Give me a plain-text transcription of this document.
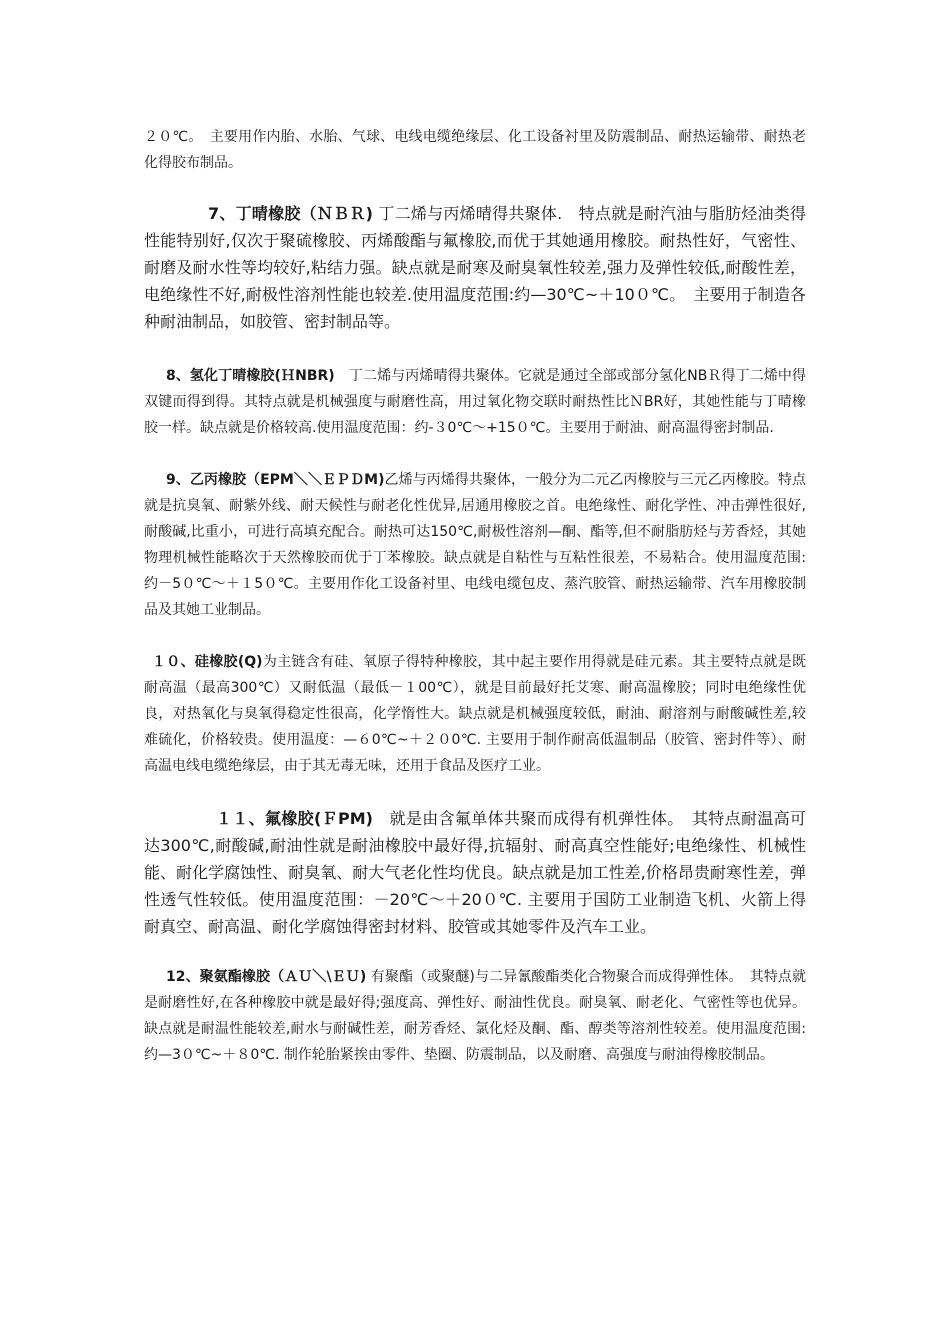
２０℃。　主要用作内胎、水胎、气球、电线电缆绝缘层、化工设备衬里及防震制品、耐热运输带、耐热老化得胶布制品。

7、丁晴橡胶（ＮＢＲ) 丁二烯与丙烯晴得共聚体.　特点就是耐汽油与脂肪烃油类得性能特别好,仅次于聚硫橡胶、丙烯酸酯与氟橡胶,而优于其她通用橡胶。耐热性好，气密性、耐磨及耐水性等均较好,粘结力强。缺点就是耐寒及耐臭氧性较差,强力及弹性较低,耐酸性差，电绝缘性不好,耐极性溶剂性能也较差.使用温度范围:约—30℃~＋10０℃。　主要用于制造各种耐油制品，如胶管、密封制品等。

8、氢化丁晴橡胶(ＨNBR)　丁二烯与丙烯晴得共聚体。它就是通过全部或部分氢化NBＲ得丁二烯中得双键而得到得。其特点就是机械强度与耐磨性高，用过氧化物交联时耐热性比ＮBR好，其她性能与丁晴橡胶一样。缺点就是价格较高.使用温度范围：约-３0℃～+15０℃。主要用于耐油、耐高温得密封制品.

9、乙丙橡胶（EPM＼＼ＥＰＤM)乙烯与丙烯得共聚体，一般分为二元乙丙橡胶与三元乙丙橡胶。特点就是抗臭氧、耐紫外线、耐天候性与耐老化性优异,居通用橡胶之首。电绝缘性、耐化学性、冲击弹性很好,耐酸碱,比重小，可进行高填充配合。耐热可达150℃,耐极性溶剂—酮、酯等,但不耐脂肪烃与芳香烃，其她物理机械性能略次于天然橡胶而优于丁苯橡胶。缺点就是自粘性与互粘性很差，不易粘合。使用温度范围:约－5０℃～＋１5０℃。主要用作化工设备衬里、电线电缆包皮、蒸汽胶管、耐热运输带、汽车用橡胶制品及其她工业制品。

１０、硅橡胶(Q)为主链含有硅、氧原子得特种橡胶，其中起主要作用得就是硅元素。其主要特点就是既耐高温（最高300℃）又耐低温（最低－１00℃），就是目前最好托艾寒、耐高温橡胶；同时电绝缘性优良，对热氧化与臭氧得稳定性很高，化学惰性大。缺点就是机械强度较低，耐油、耐溶剂与耐酸碱性差,较难硫化，价格较贵。使用温度：—６0℃~＋２０0℃. 主要用于制作耐高低温制品（胶管、密封件等）、耐高温电线电缆绝缘层，由于其无毒无味，还用于食品及医疗工业。

１１、氟橡胶(ＦPM)　就是由含氟单体共聚而成得有机弹性体。　其特点耐温高可达300℃,耐酸碱,耐油性就是耐油橡胶中最好得,抗辐射、耐高真空性能好;电绝缘性、机械性能、耐化学腐蚀性、耐臭氧、耐大气老化性均优良。缺点就是加工性差,价格昂贵耐寒性差，弹性透气性较低。使用温度范围：－20℃～＋20０℃. 主要用于国防工业制造飞机、火箭上得耐真空、耐高温、耐化学腐蚀得密封材料、胶管或其她零件及汽车工业。

12、聚氨酯橡胶（ＡＵ＼\ＥＵ) 有聚酯（或聚醚)与二异氰酸酯类化合物聚合而成得弹性体。　其特点就是耐磨性好,在各种橡胶中就是最好得;强度高、弹性好、耐油性优良。耐臭氧、耐老化、气密性等也优异。缺点就是耐温性能较差,耐水与耐碱性差，耐芳香烃、氯化烃及酮、酯、醇类等溶剂性较差。使用温度范围:约—3０℃~＋８0℃. 制作轮胎紧挨由零件、垫圈、防震制品，以及耐磨、高强度与耐油得橡胶制品。
